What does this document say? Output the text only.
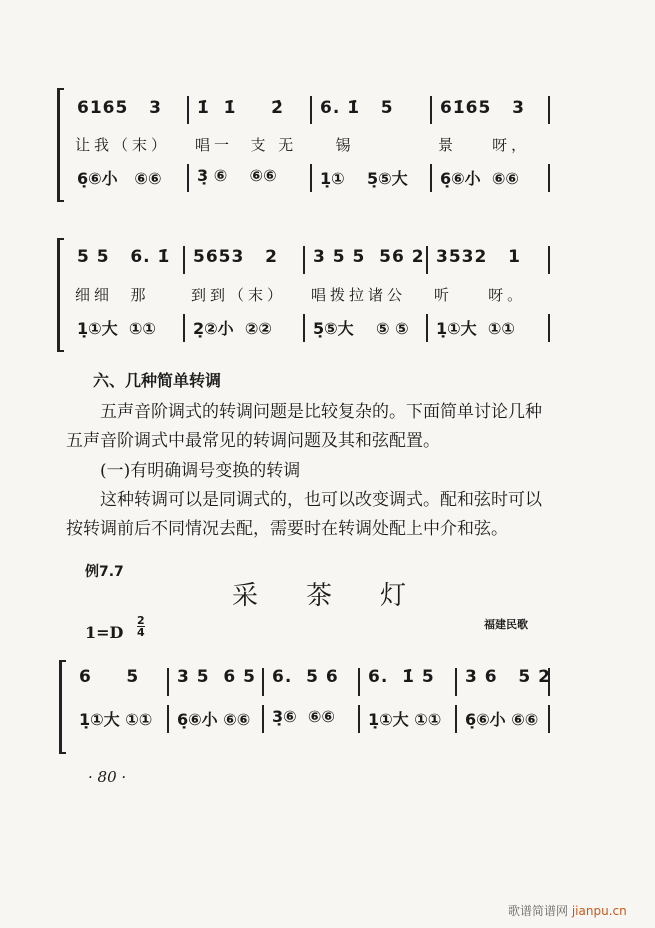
6165   3
让我（末）
6̣⑥小   ⑥⑥
1̇  1̇     2̇
唱一  支 无
3̣ ⑥    ⑥⑥
6. 1̇   5
锡
1̣①    5̣⑤大
61̇65   3
景    呀，
6̣⑥小  ⑥⑥
5 5   6. 1̇
细细  那
1̣①大  ①①
5653   2
到到（末）
2̣②小  ②②
3 5 5  56 2
唱拨拉诸公
5̣⑤大    ⑤ ⑤
3532   1
听    呀。
1̣①大  ①①
6     5
1̣①大 ①①
3 5  6 5
6̣⑥小 ⑥⑥
6.  5 6
3̣⑥  ⑥⑥
6.  1̇ 5
1̣①大 ①①
3 6   5 2
6̣⑥小 ⑥⑥
六、几种简单转调
五声音阶调式的转调问题是比较复杂的。下面简单讨论几种
五声音阶调式中最常见的转调问题及其和弦配置。
(一)有明确调号变换的转调
这种转调可以是同调式的，也可以改变调式。配和弦时可以
按转调前后不同情况去配，需要时在转调处配上中介和弦。
例7.7
采茶灯
1=D
2
4
福建民歌
· 80 ·
歌谱简谱网 jianpu.cn
